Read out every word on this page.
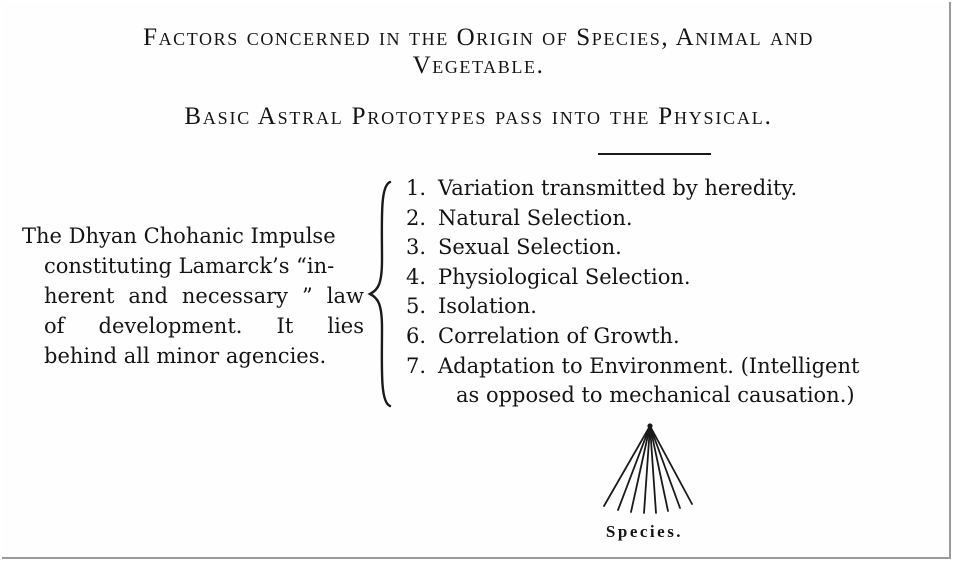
Factors concerned in the Origin of Species, Animal and
Vegetable.
Basic Astral Prototypes pass into the Physical.
The Dhyan Chohanic Impulse
constituting Lamarck’s “in-
herent and necessary ” law
of development. It lies
behind all minor agencies.
1. Variation transmitted by heredity.
2. Natural Selection.
3. Sexual Selection.
4. Physiological Selection.
5. Isolation.
6. Correlation of Growth.
7. Adaptation to Environment. (Intelligent
as opposed to mechanical causation.)
Species.
